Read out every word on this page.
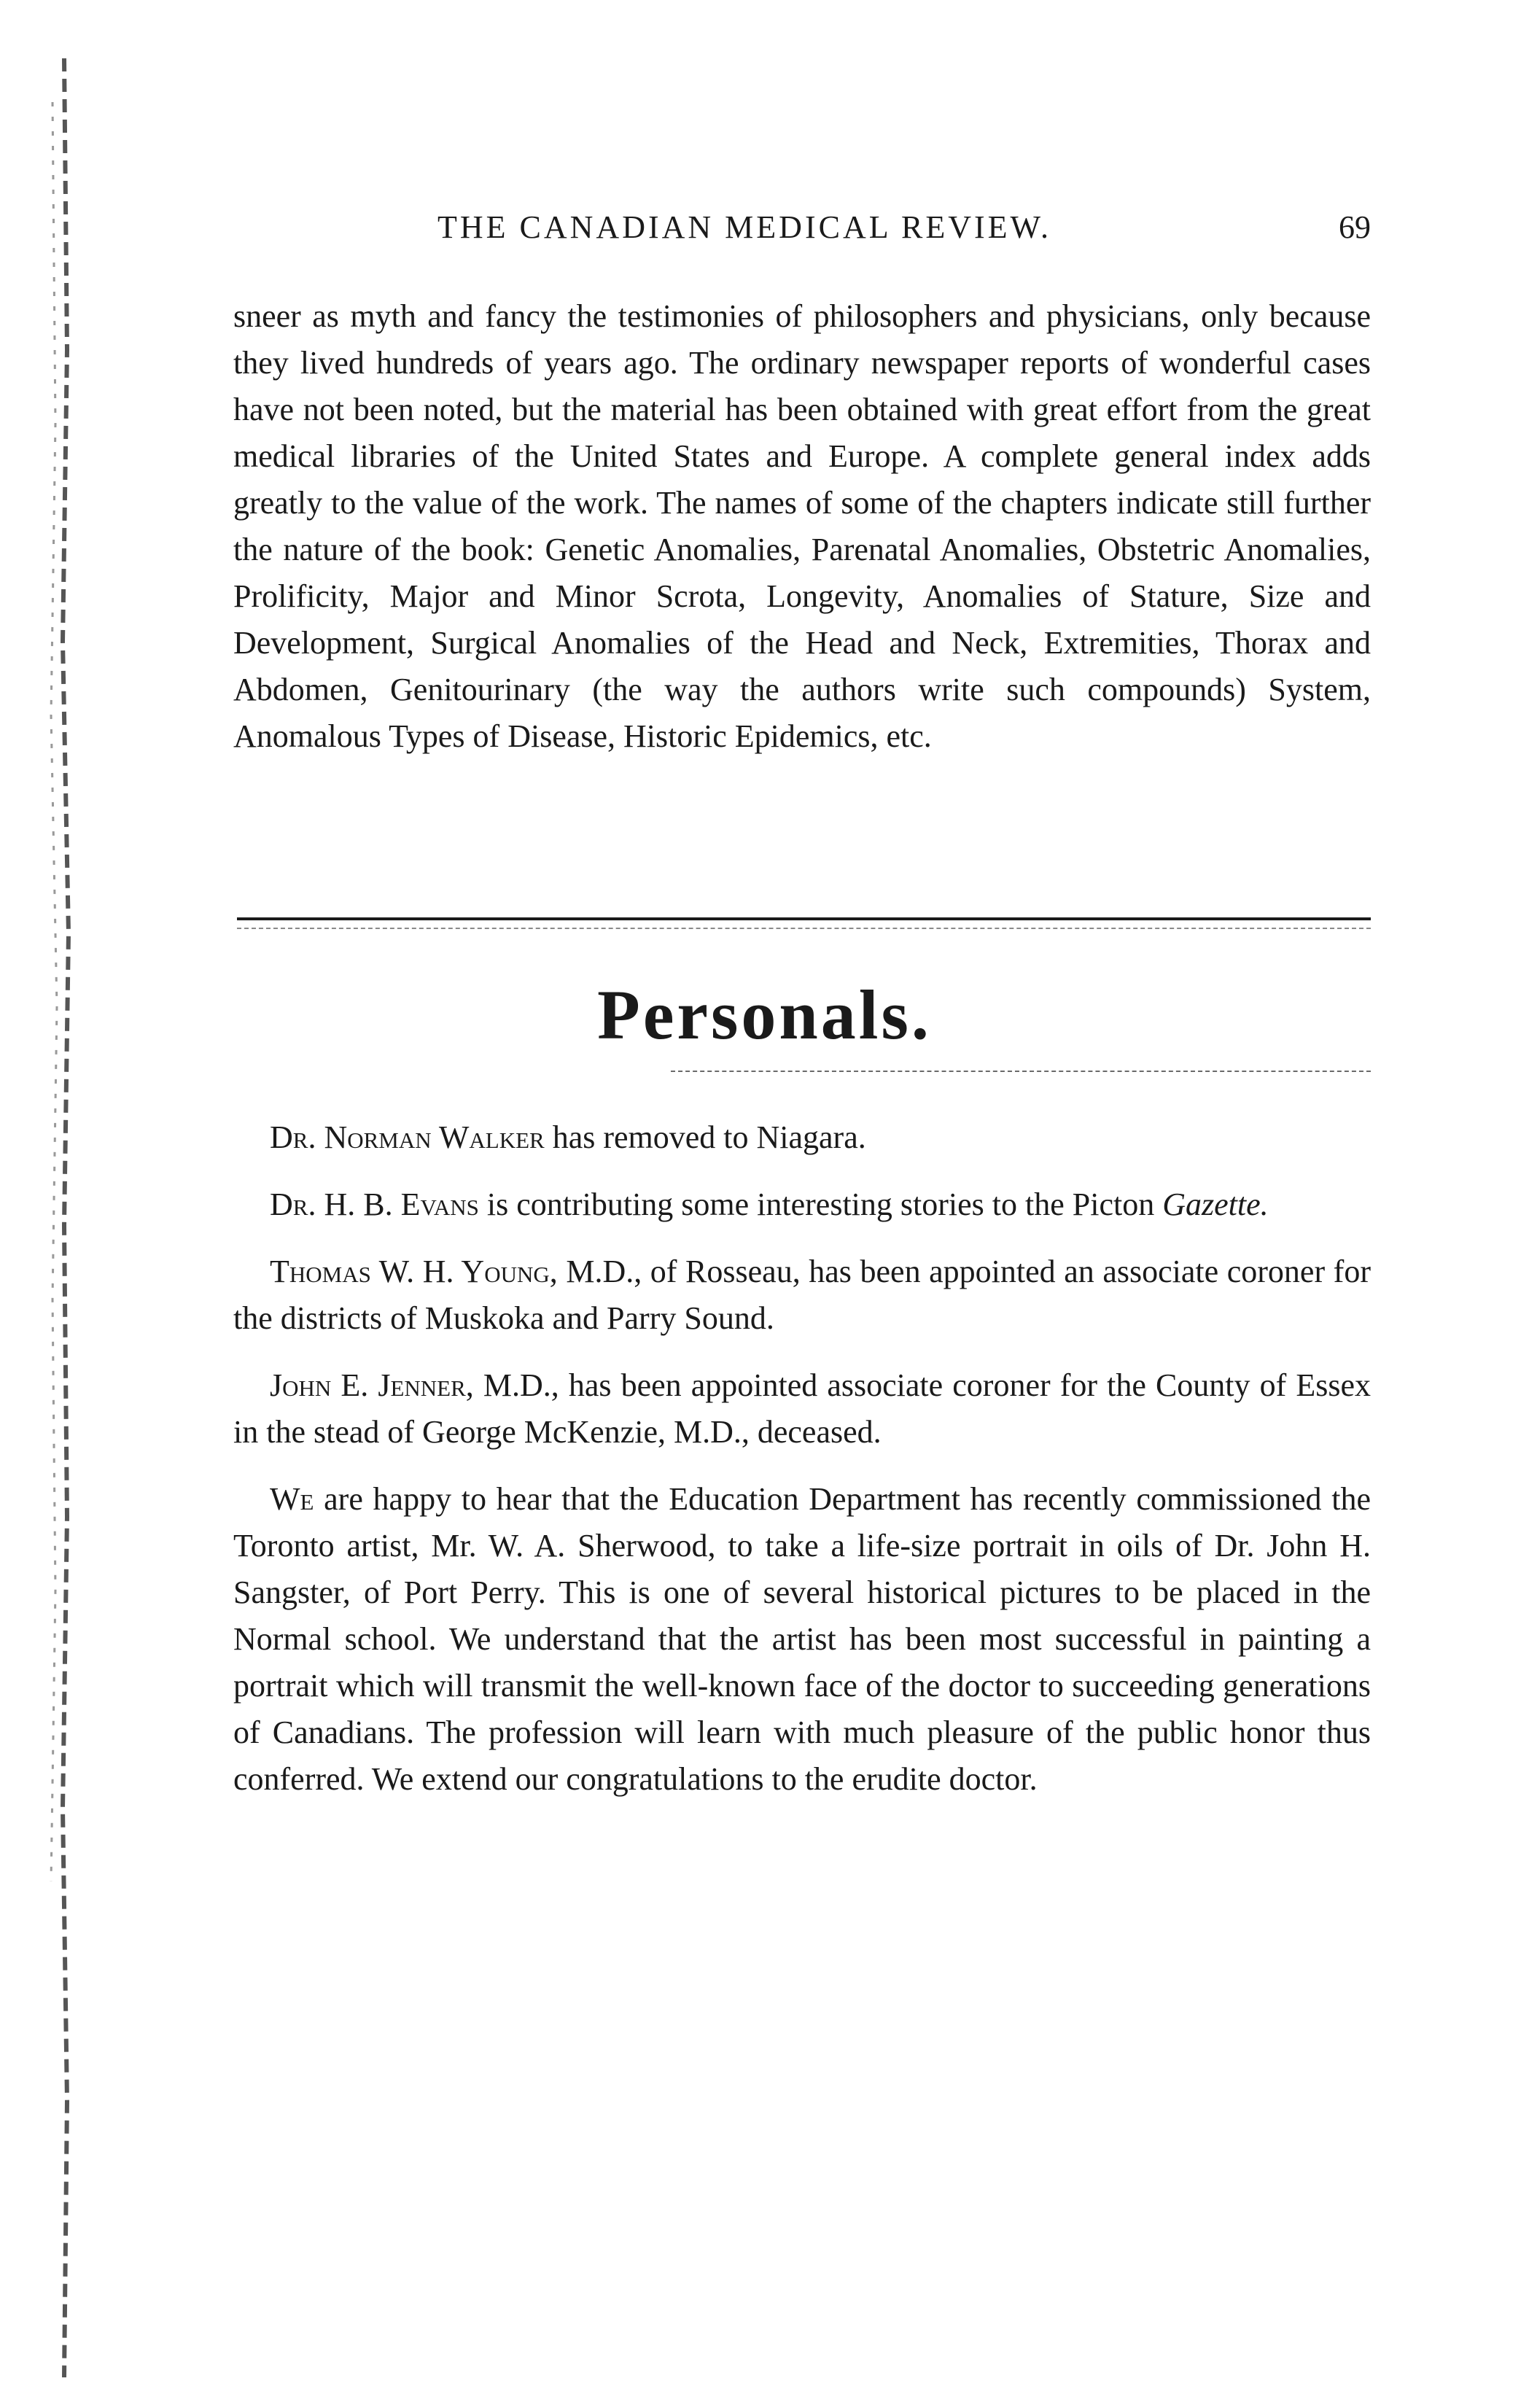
THE CANADIAN MEDICAL REVIEW.	69
sneer as myth and fancy the testimonies of philosophers and physicians, only because they lived hundreds of years ago. The ordinary newspaper reports of wonderful cases have not been noted, but the material has been obtained with great effort from the great medical libraries of the United States and Europe. A complete general index adds greatly to the value of the work. The names of some of the chapters indicate still further the nature of the book: Genetic Anomalies, Parenatal Anomalies, Obstetric Anomalies, Prolificity, Major and Minor Scrota, Longevity, Anomalies of Stature, Size and Development, Surgical Anomalies of the Head and Neck, Extremities, Thorax and Abdomen, Genitourinary (the way the authors write such compounds) System, Anomalous Types of Disease, Historic Epidemics, etc.
Personals.

Dr. Norman Walker has removed to Niagara.

Dr. H. B. Evans is contributing some interesting stories to the Picton Gazette.

Thomas W. H. Young, M.D., of Rosseau, has been appointed an associate coroner for the districts of Muskoka and Parry Sound.

John E. Jenner, M.D., has been appointed associate coroner for the County of Essex in the stead of George McKenzie, M.D., deceased.

We are happy to hear that the Education Department has recently commissioned the Toronto artist, Mr. W. A. Sherwood, to take a life-size portrait in oils of Dr. John H. Sangster, of Port Perry. This is one of several historical pictures to be placed in the Normal school. We understand that the artist has been most successful in painting a portrait which will transmit the well-known face of the doctor to succeeding generations of Canadians. The profession will learn with much pleasure of the public honor thus conferred. We extend our congratulations to the erudite doctor.
